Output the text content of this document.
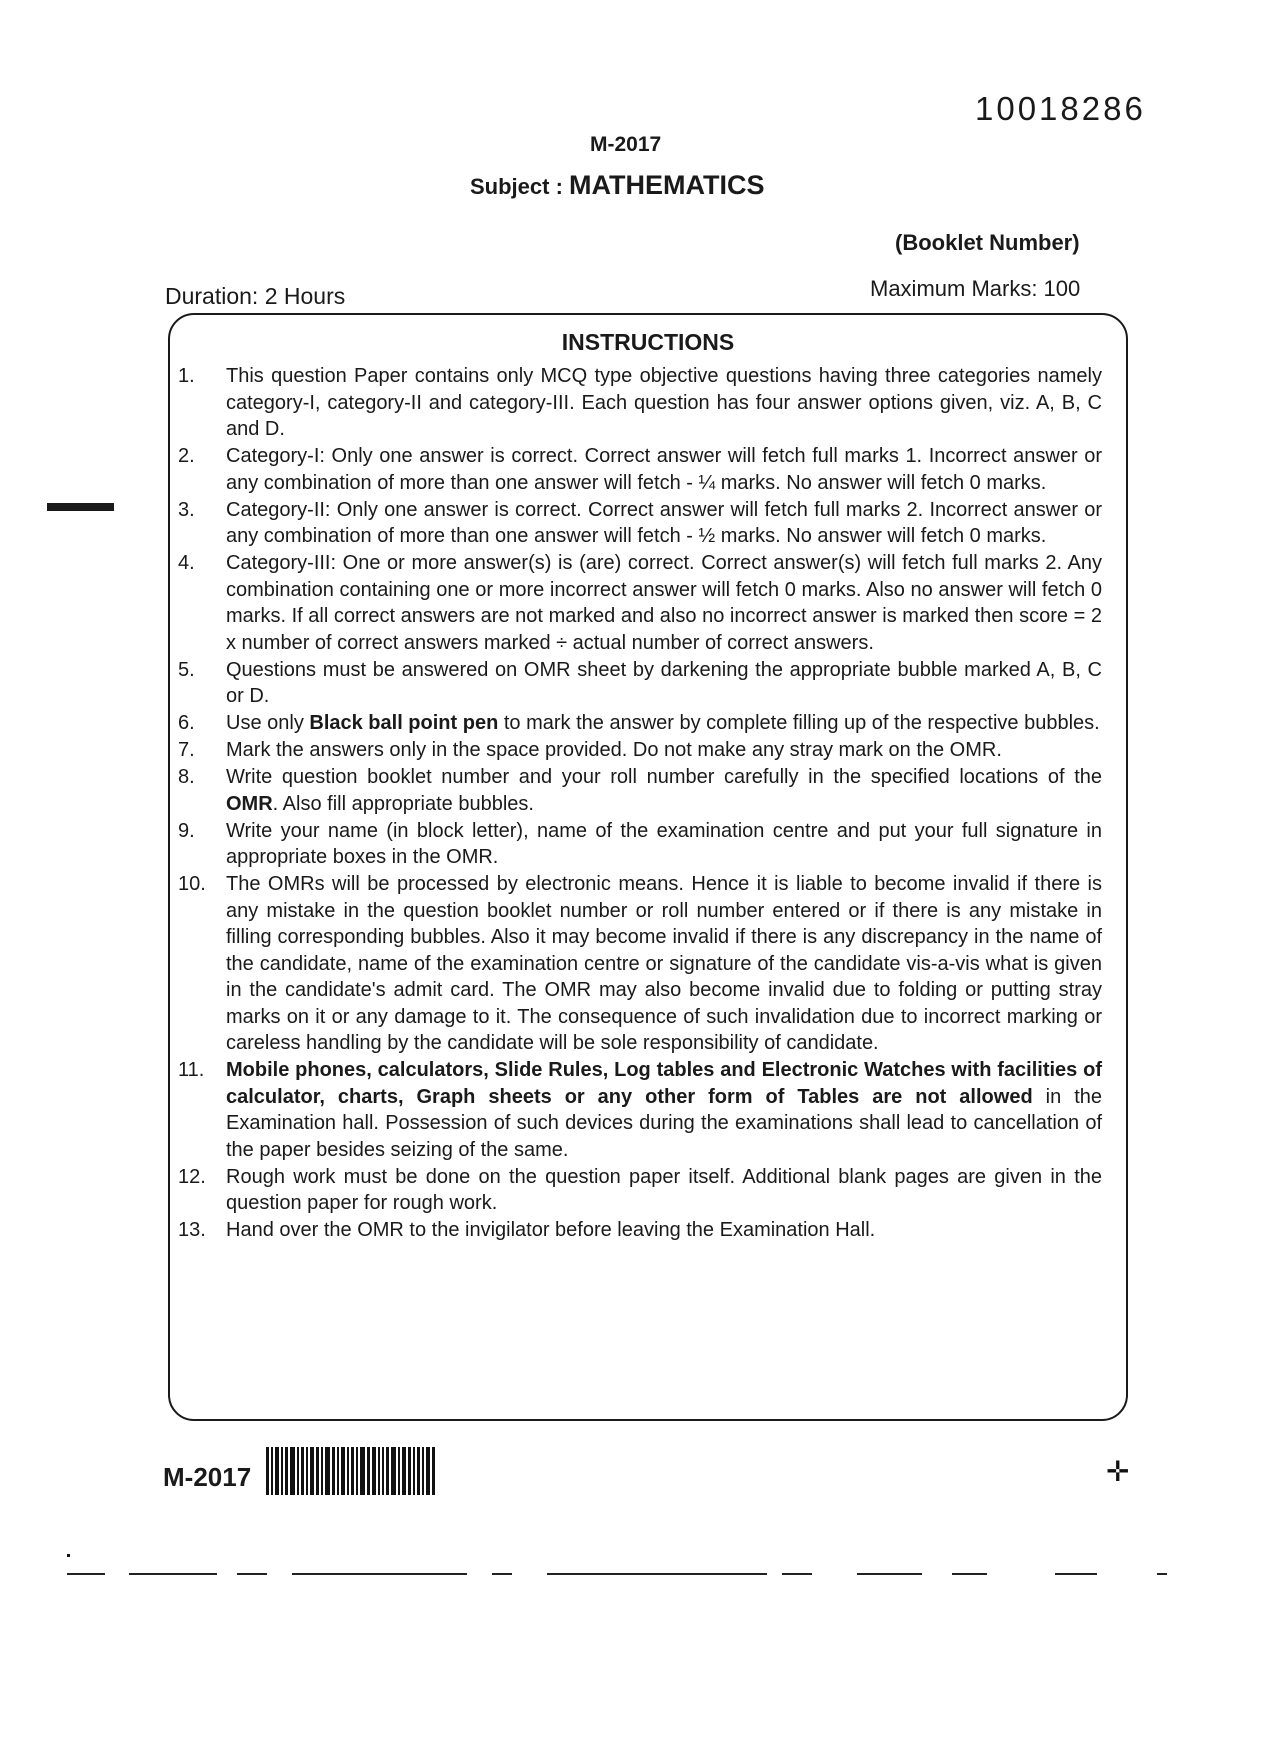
10018286
M-2017
Subject : MATHEMATICS
(Booklet Number)
Duration: 2 Hours	Maximum Marks: 100
INSTRUCTIONS
1.	This question Paper contains only MCQ type objective questions having three categories namely category-I, category-II and category-III. Each question has four answer options given, viz. A, B, C and D.
2.	Category-I: Only one answer is correct. Correct answer will fetch full marks 1. Incorrect answer or any combination of more than one answer will fetch - ¼ marks. No answer will fetch 0 marks.
3.	Category-II: Only one answer is correct. Correct answer will fetch full marks 2. Incorrect answer or any combination of more than one answer will fetch - ½ marks. No answer will fetch 0 marks.
4.	Category-III: One or more answer(s) is (are) correct. Correct answer(s) will fetch full marks 2. Any combination containing one or more incorrect answer will fetch 0 marks. Also no answer will fetch 0 marks. If all correct answers are not marked and also no incorrect answer is marked then score = 2 x number of correct answers marked ÷ actual number of correct answers.
5.	Questions must be answered on OMR sheet by darkening the appropriate bubble marked A, B, C or D.
6.	Use only Black ball point pen to mark the answer by complete filling up of the respective bubbles.
7.	Mark the answers only in the space provided. Do not make any stray mark on the OMR.
8.	Write question booklet number and your roll number carefully in the specified locations of the OMR. Also fill appropriate bubbles.
9.	Write your name (in block letter), name of the examination centre and put your full signature in appropriate boxes in the OMR.
10.	The OMRs will be processed by electronic means. Hence it is liable to become invalid if there is any mistake in the question booklet number or roll number entered or if there is any mistake in filling corresponding bubbles. Also it may become invalid if there is any discrepancy in the name of the candidate, name of the examination centre or signature of the candidate vis-a-vis what is given in the candidate's admit card. The OMR may also become invalid due to folding or putting stray marks on it or any damage to it. The consequence of such invalidation due to incorrect marking or careless handling by the candidate will be sole responsibility of candidate.
11.	Mobile phones, calculators, Slide Rules, Log tables and Electronic Watches with facilities of calculator, charts, Graph sheets or any other form of Tables are not allowed in the Examination hall. Possession of such devices during the examinations shall lead to cancellation of the paper besides seizing of the same.
12.	Rough work must be done on the question paper itself. Additional blank pages are given in the question paper for rough work.
13.	Hand over the OMR to the invigilator before leaving the Examination Hall.
M-2017	✛
